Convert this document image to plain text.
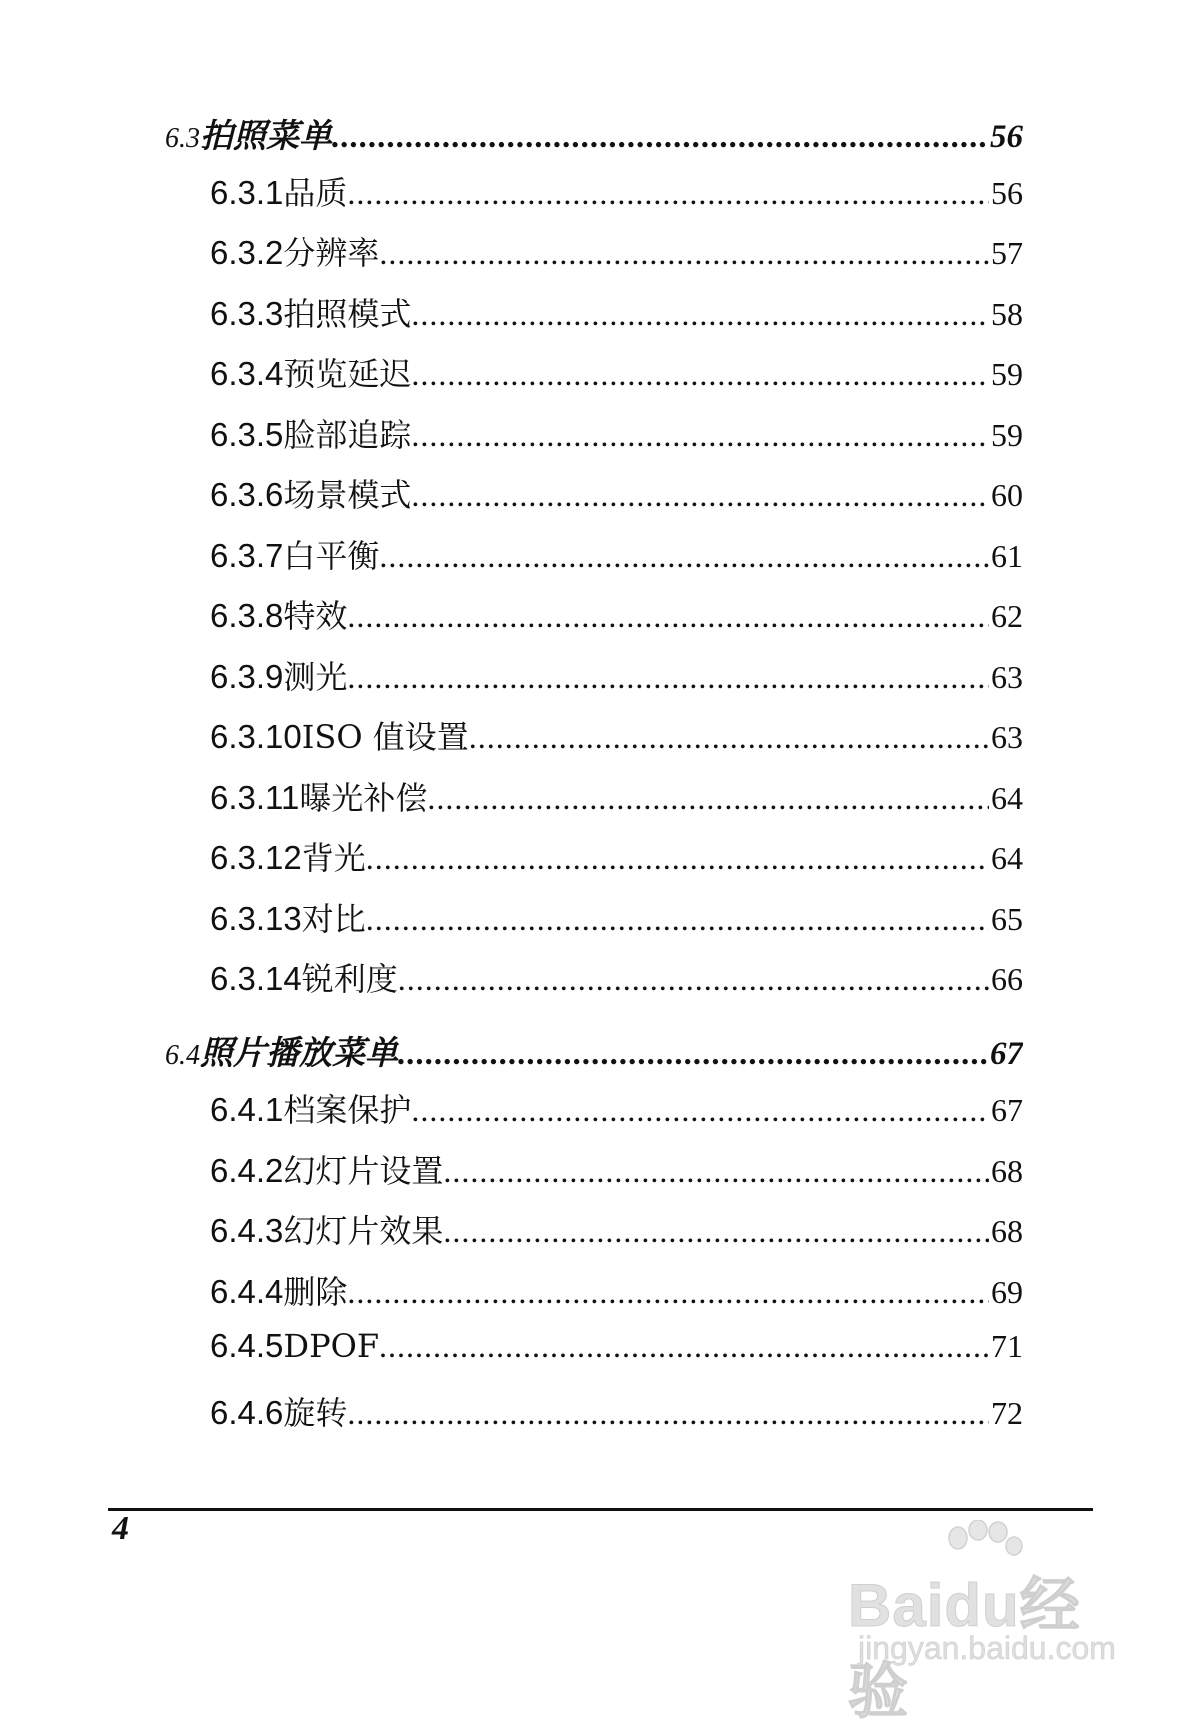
6.3 拍照菜单 .....	56
6.3.1 品质 .....	56
6.3.2 分辨率 .....	57
6.3.3 拍照模式 .....	58
6.3.4 预览延迟 .....	59
6.3.5 脸部追踪 .....	59
6.3.6 场景模式 .....	60
6.3.7 白平衡 .....	61
6.3.8 特效 .....	62
6.3.9 测光 .....	63
6.3.10 ISO 值设置 .....	63
6.3.11 曝光补偿 .....	64
6.3.12 背光 .....	64
6.3.13 对比 .....	65
6.3.14 锐利度 .....	66
6.4 照片播放菜单 .....	67
6.4.1 档案保护 .....	67
6.4.2 幻灯片设置 .....	68
6.4.3 幻灯片效果 .....	68
6.4.4 删除 .....	69
6.4.5 DPOF .....	71
6.4.6 旋转 .....	72
4
Baidu经验
jingyan.baidu.com
